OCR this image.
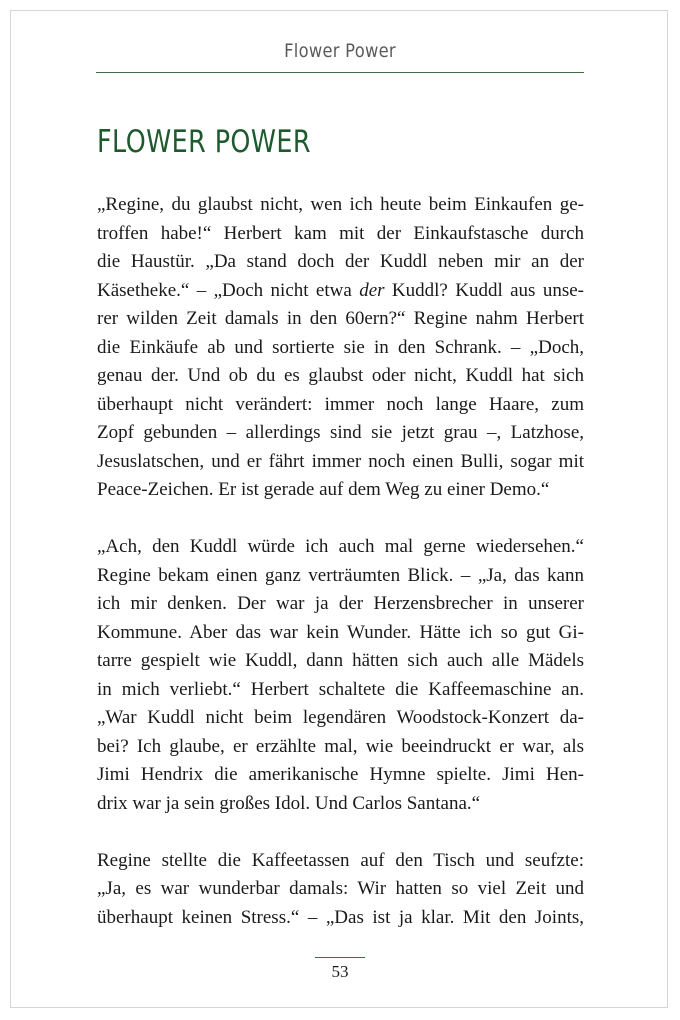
Flower Power
FLOWER POWER

„Regine, du glaubst nicht, wen ich heute beim Einkaufen ge-
troffen habe!“ Herbert kam mit der Einkaufstasche durch
die Haustür. „Da stand doch der Kuddl neben mir an der
Käsetheke.“ – „Doch nicht etwa der Kuddl? Kuddl aus unse-
rer wilden Zeit damals in den 60ern?“ Regine nahm Herbert
die Einkäufe ab und sortierte sie in den Schrank. – „Doch,
genau der. Und ob du es glaubst oder nicht, Kuddl hat sich
überhaupt nicht verändert: immer noch lange Haare, zum
Zopf gebunden – allerdings sind sie jetzt grau –, Latzhose,
Jesuslatschen, und er fährt immer noch einen Bulli, sogar mit
Peace-Zeichen. Er ist gerade auf dem Weg zu einer Demo.“

„Ach, den Kuddl würde ich auch mal gerne wiedersehen.“
Regine bekam einen ganz verträumten Blick. – „Ja, das kann
ich mir denken. Der war ja der Herzensbrecher in unserer
Kommune. Aber das war kein Wunder. Hätte ich so gut Gi-
tarre gespielt wie Kuddl, dann hätten sich auch alle Mädels
in mich verliebt.“ Herbert schaltete die Kaffeemaschine an.
„War Kuddl nicht beim legendären Woodstock-Konzert da-
bei? Ich glaube, er erzählte mal, wie beeindruckt er war, als
Jimi Hendrix die amerikanische Hymne spielte. Jimi Hen-
drix war ja sein großes Idol. Und Carlos Santana.“

Regine stellte die Kaffeetassen auf den Tisch und seufzte:
„Ja, es war wunderbar damals: Wir hatten so viel Zeit und
überhaupt keinen Stress.“ – „Das ist ja klar. Mit den Joints,

53
